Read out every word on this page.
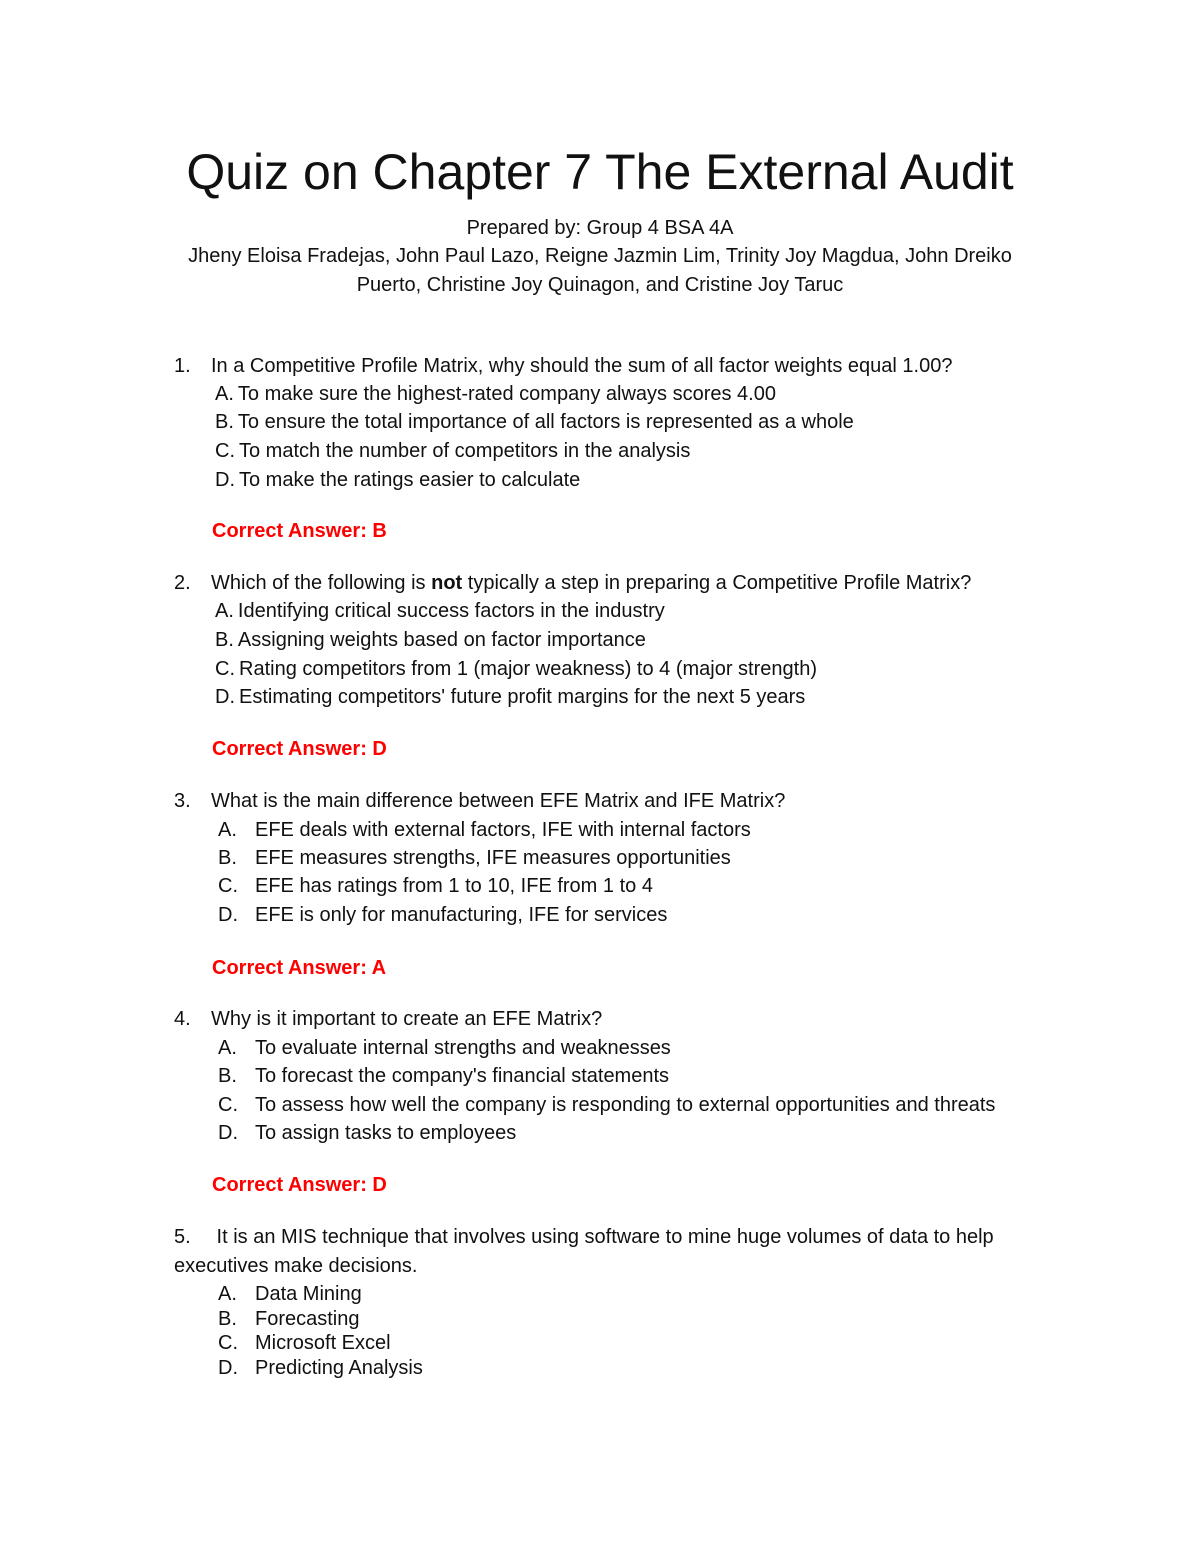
Quiz on Chapter 7 The External Audit
Prepared by: Group 4 BSA 4A
Jheny Eloisa Fradejas, John Paul Lazo, Reigne Jazmin Lim, Trinity Joy Magdua, John Dreiko
Puerto, Christine Joy Quinagon, and Cristine Joy Taruc

1. In a Competitive Profile Matrix, why should the sum of all factor weights equal 1.00?

A. To make sure the highest-rated company always scores 4.00

B. To ensure the total importance of all factors is represented as a whole

C. To match the number of competitors in the analysis

D. To make the ratings easier to calculate

Correct Answer: B

2. Which of the following is not typically a step in preparing a Competitive Profile Matrix?

A. Identifying critical success factors in the industry

B. Assigning weights based on factor importance

C. Rating competitors from 1 (major weakness) to 4 (major strength)

D. Estimating competitors' future profit margins for the next 5 years

Correct Answer: D

3. What is the main difference between EFE Matrix and IFE Matrix?

A. EFE deals with external factors, IFE with internal factors

B. EFE measures strengths, IFE measures opportunities

C. EFE has ratings from 1 to 10, IFE from 1 to 4

D. EFE is only for manufacturing, IFE for services

Correct Answer: A

4. Why is it important to create an EFE Matrix?

A. To evaluate internal strengths and weaknesses

B. To forecast the company's financial statements

C. To assess how well the company is responding to external opportunities and threats

D. To assign tasks to employees

Correct Answer: D

5. It is an MIS technique that involves using software to mine huge volumes of data to help

executives make decisions.

A. Data Mining

B. Forecasting

C. Microsoft Excel

D. Predicting Analysis
